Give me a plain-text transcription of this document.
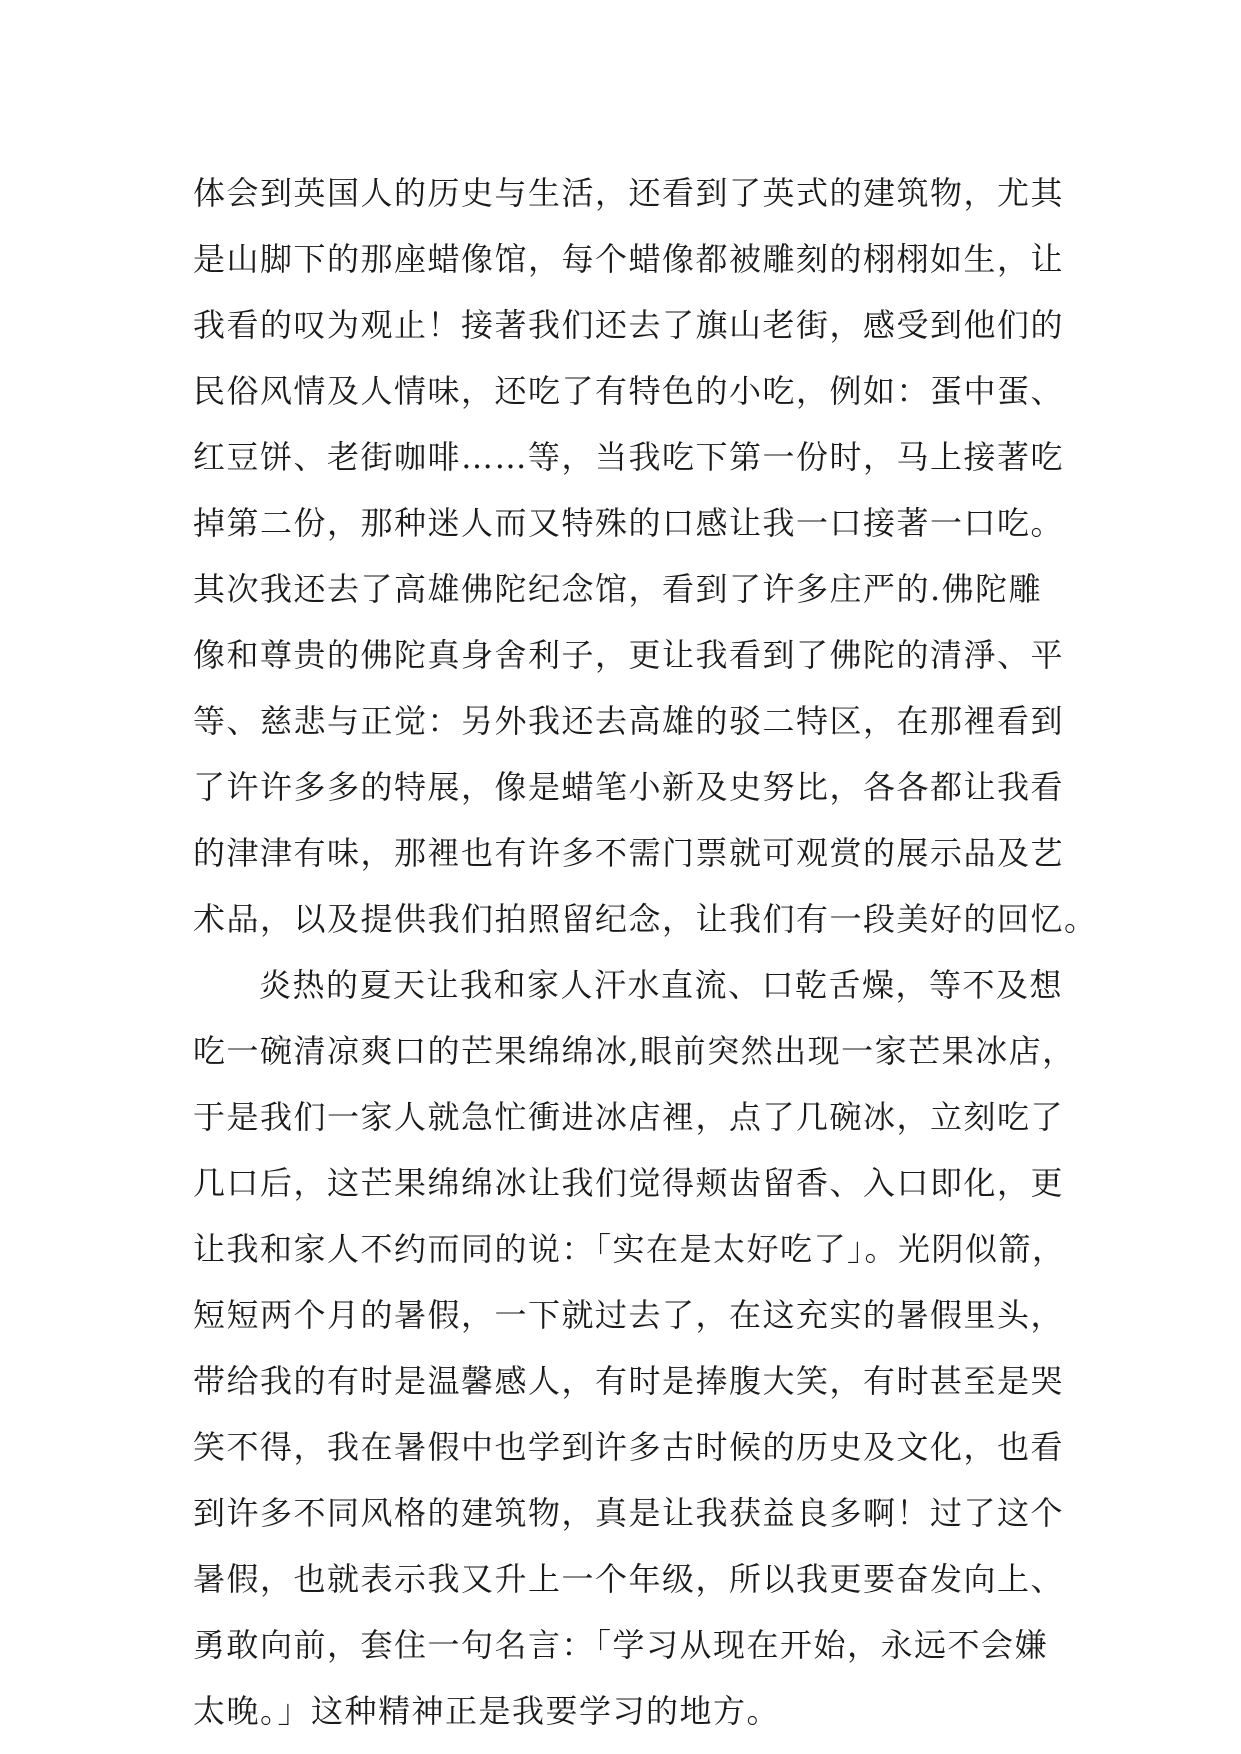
体会到英国人的历史与生活，还看到了英式的建筑物，尤其
是山脚下的那座蜡像馆，每个蜡像都被雕刻的栩栩如生，让
我看的叹为观止！接著我们还去了旗山老街，感受到他们的
民俗风情及人情味，还吃了有特色的小吃，例如：蛋中蛋、
红豆饼、老街咖啡……等，当我吃下第一份时，马上接著吃
掉第二份，那种迷人而又特殊的口感让我一口接著一口吃。
其次我还去了高雄佛陀纪念馆，看到了许多庄严的.佛陀雕
像和尊贵的佛陀真身舍利子，更让我看到了佛陀的清淨、平
等、慈悲与正觉：另外我还去高雄的驳二特区，在那裡看到
了许许多多的特展，像是蜡笔小新及史努比，各各都让我看
的津津有味，那裡也有许多不需门票就可观赏的展示品及艺
术品，以及提供我们拍照留纪念，让我们有一段美好的回忆。
炎热的夏天让我和家人汗水直流、口乾舌燥，等不及想
吃一碗清凉爽口的芒果绵绵冰,眼前突然出现一家芒果冰店，
于是我们一家人就急忙衝进冰店裡，点了几碗冰，立刻吃了
几口后，这芒果绵绵冰让我们觉得颊齿留香、入口即化，更
让我和家人不约而同的说：「实在是太好吃了」。光阴似箭，
短短两个月的暑假，一下就过去了，在这充实的暑假里头，
带给我的有时是温馨感人，有时是捧腹大笑，有时甚至是哭
笑不得，我在暑假中也学到许多古时候的历史及文化，也看
到许多不同风格的建筑物，真是让我获益良多啊！过了这个
暑假，也就表示我又升上一个年级，所以我更要奋发向上、
勇敢向前，套住一句名言：「学习从现在开始，永远不会嫌
太晚。」这种精神正是我要学习的地方。
